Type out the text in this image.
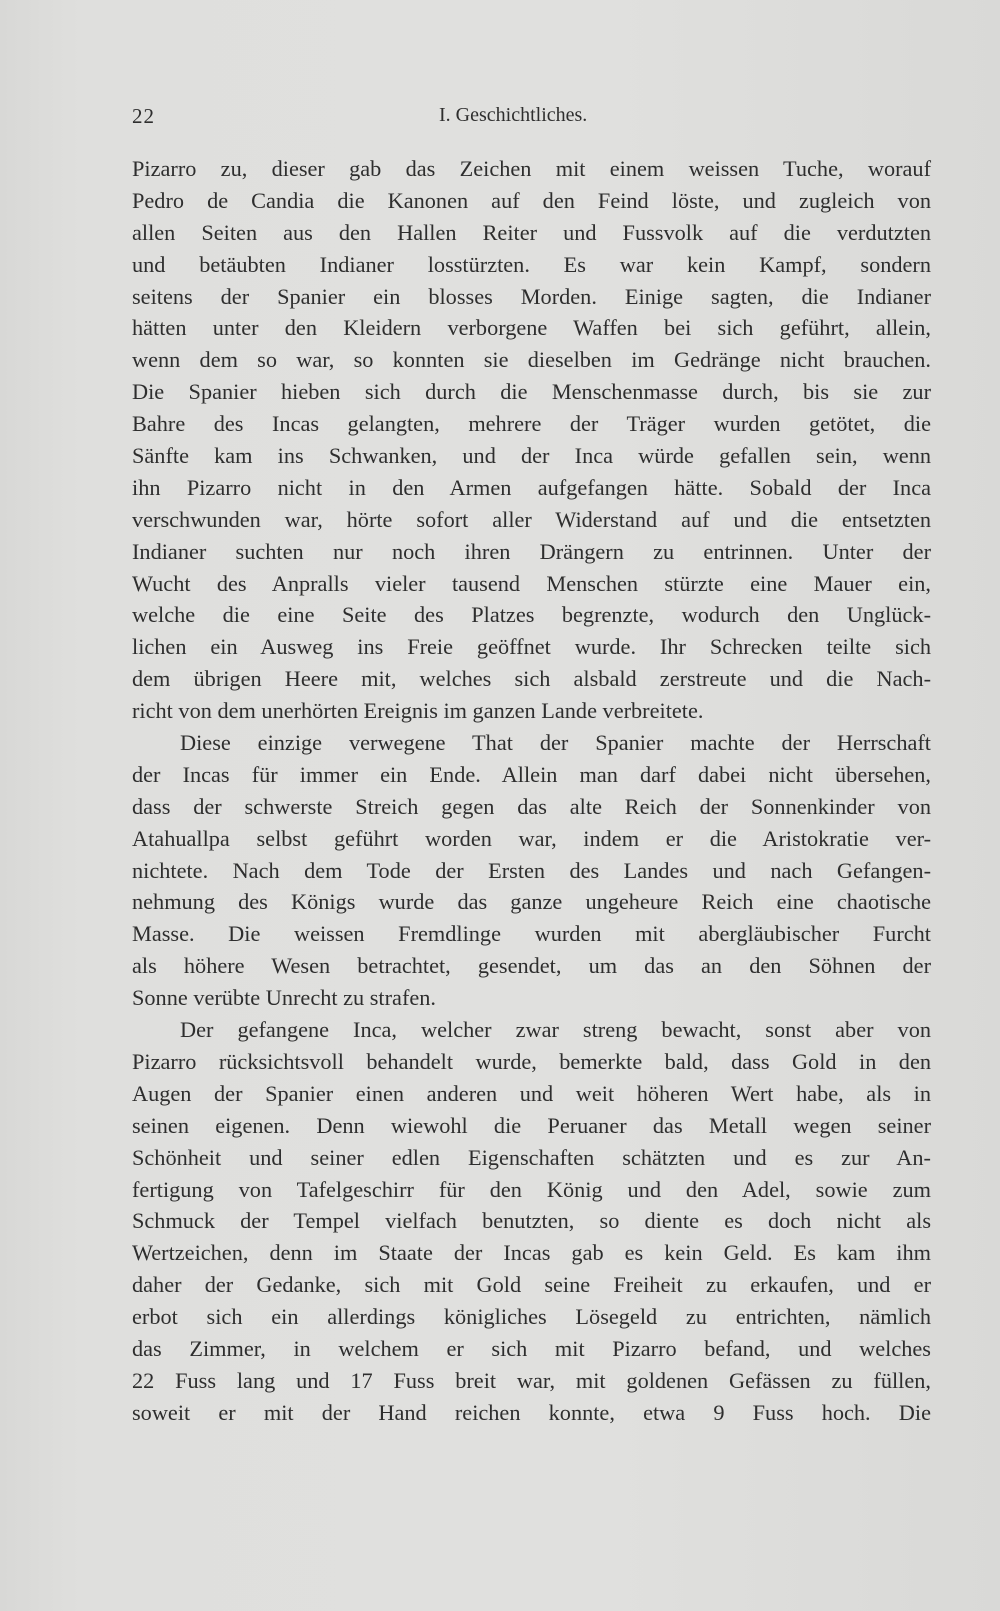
22	I. Geschichtliches.
Pizarro zu, dieser gab das Zeichen mit einem weissen Tuche, worauf
Pedro de Candia die Kanonen auf den Feind löste, und zugleich von
allen Seiten aus den Hallen Reiter und Fussvolk auf die verdutzten
und betäubten Indianer losstürzten. Es war kein Kampf, sondern
seitens der Spanier ein blosses Morden. Einige sagten, die Indianer
hätten unter den Kleidern verborgene Waffen bei sich geführt, allein,
wenn dem so war, so konnten sie dieselben im Gedränge nicht brauchen.
Die Spanier hieben sich durch die Menschenmasse durch, bis sie zur
Bahre des Incas gelangten, mehrere der Träger wurden getötet, die
Sänfte kam ins Schwanken, und der Inca würde gefallen sein, wenn
ihn Pizarro nicht in den Armen aufgefangen hätte. Sobald der Inca
verschwunden war, hörte sofort aller Widerstand auf und die entsetzten
Indianer suchten nur noch ihren Drängern zu entrinnen. Unter der
Wucht des Anpralls vieler tausend Menschen stürzte eine Mauer ein,
welche die eine Seite des Platzes begrenzte, wodurch den Unglück-
lichen ein Ausweg ins Freie geöffnet wurde. Ihr Schrecken teilte sich
dem übrigen Heere mit, welches sich alsbald zerstreute und die Nach-
richt von dem unerhörten Ereignis im ganzen Lande verbreitete.
Diese einzige verwegene That der Spanier machte der Herrschaft
der Incas für immer ein Ende. Allein man darf dabei nicht übersehen,
dass der schwerste Streich gegen das alte Reich der Sonnenkinder von
Atahuallpa selbst geführt worden war, indem er die Aristokratie ver-
nichtete. Nach dem Tode der Ersten des Landes und nach Gefangen-
nehmung des Königs wurde das ganze ungeheure Reich eine chaotische
Masse. Die weissen Fremdlinge wurden mit abergläubischer Furcht
als höhere Wesen betrachtet, gesendet, um das an den Söhnen der
Sonne verübte Unrecht zu strafen.
Der gefangene Inca, welcher zwar streng bewacht, sonst aber von
Pizarro rücksichtsvoll behandelt wurde, bemerkte bald, dass Gold in den
Augen der Spanier einen anderen und weit höheren Wert habe, als in
seinen eigenen. Denn wiewohl die Peruaner das Metall wegen seiner
Schönheit und seiner edlen Eigenschaften schätzten und es zur An-
fertigung von Tafelgeschirr für den König und den Adel, sowie zum
Schmuck der Tempel vielfach benutzten, so diente es doch nicht als
Wertzeichen, denn im Staate der Incas gab es kein Geld. Es kam ihm
daher der Gedanke, sich mit Gold seine Freiheit zu erkaufen, und er
erbot sich ein allerdings königliches Lösegeld zu entrichten, nämlich
das Zimmer, in welchem er sich mit Pizarro befand, und welches
22 Fuss lang und 17 Fuss breit war, mit goldenen Gefässen zu füllen,
soweit er mit der Hand reichen konnte, etwa 9 Fuss hoch. Die
